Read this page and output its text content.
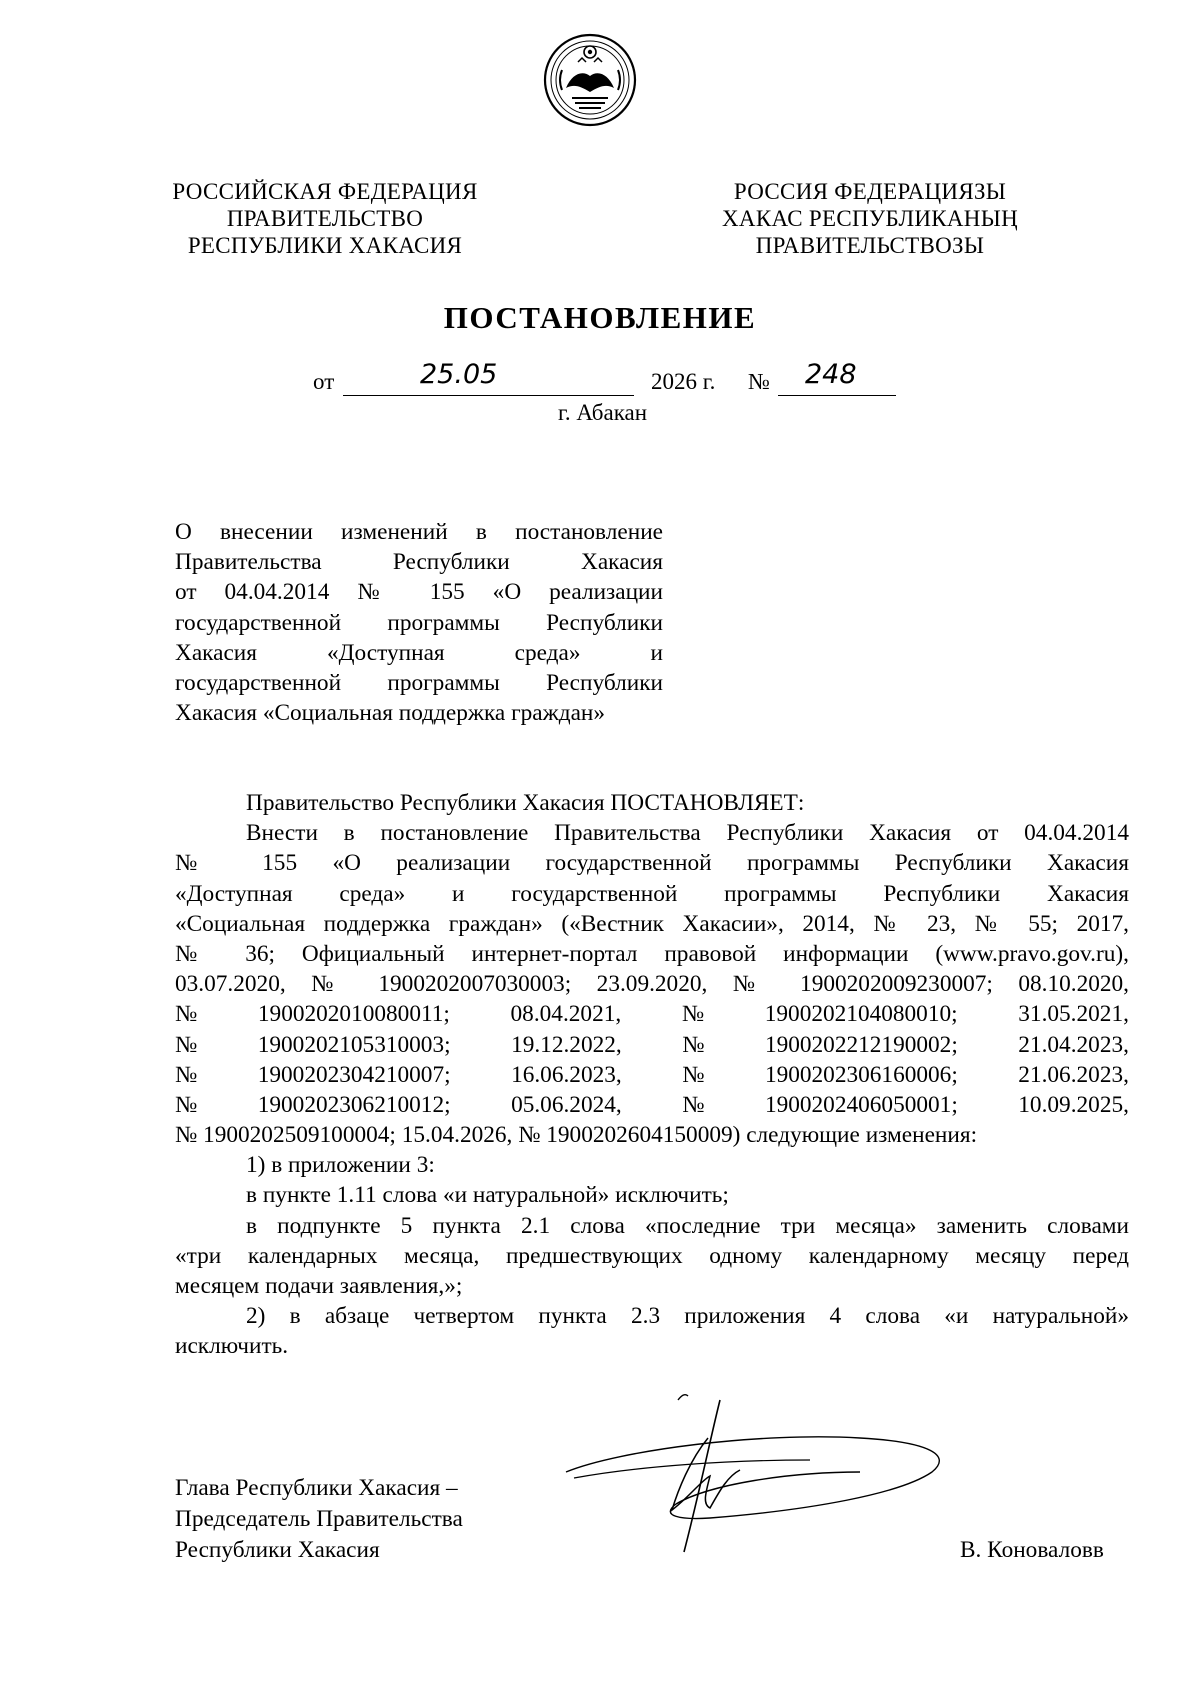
РОССИЙСКАЯ ФЕДЕРАЦИЯ
ПРАВИТЕЛЬСТВО
РЕСПУБЛИКИ ХАКАСИЯ
РОССИЯ ФЕДЕРАЦИЯЗЫ
ХАКАС РЕСПУБЛИКАНЫҢ
ПРАВИТЕЛЬСТВОЗЫ
ПОСТАНОВЛЕНИЕ
от	25.05	2026 г. № 248
г. Абакан
О внесении изменений в постановление
Правительства Республики Хакасия
от 04.04.2014 № 155 «О реализации
государственной программы Республики
Хакасия «Доступная среда» и
государственной программы Республики
Хакасия «Социальная поддержка граждан»
Правительство Республики Хакасия ПОСТАНОВЛЯЕТ:
Внести в постановление Правительства Республики Хакасия от 04.04.2014
№ 155 «О реализации государственной программы Республики Хакасия
«Доступная среда» и государственной программы Республики Хакасия
«Социальная поддержка граждан» («Вестник Хакасии», 2014, № 23, № 55; 2017,
№ 36; Официальный интернет-портал правовой информации (www.pravo.gov.ru),
03.07.2020, № 1900202007030003; 23.09.2020, № 1900202009230007; 08.10.2020,
№	1900202010080011;	08.04.2021,	№	1900202104080010;	31.05.2021,
№	1900202105310003;	19.12.2022,	№	1900202212190002;	21.04.2023,
№	1900202304210007;	16.06.2023,	№	1900202306160006;	21.06.2023,
№	1900202306210012;	05.06.2024,	№	1900202406050001;	10.09.2025,
№ 1900202509100004; 15.04.2026, № 1900202604150009) следующие изменения:
1) в приложении 3:
в пункте 1.11 слова «и натуральной» исключить;
в подпункте 5 пункта 2.1 слова «последние три месяца» заменить словами
«три календарных месяца, предшествующих одному календарному месяцу перед
месяцем подачи заявления,»;
2) в абзаце четвертом пункта 2.3 приложения 4 слова «и натуральной»
исключить.
Глава Республики Хакасия –
Председатель Правительства
Республики Хакасия	В. Коноваловв
